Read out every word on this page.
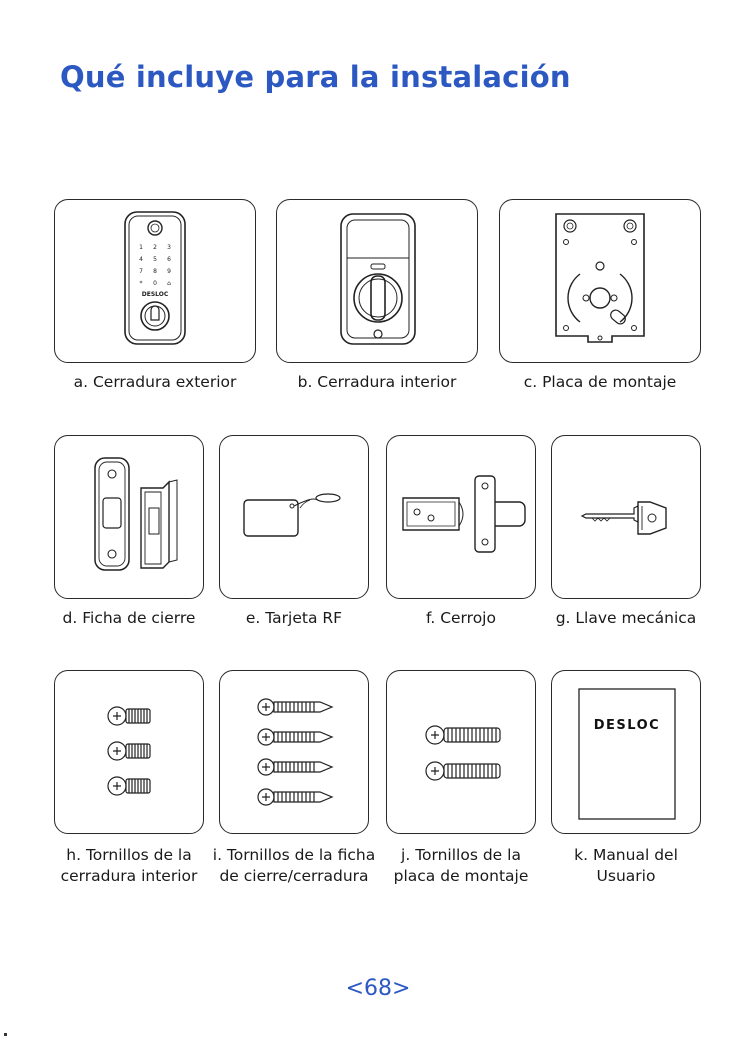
Qué incluye para la instalación
1 2 3
4 5 6
7 8 9
* 0 ⌂
DESLOC
a. Cerradura exterior	b. Cerradura interior	c. Placa de montaje
d. Ficha de cierre	e. Tarjeta RF	f. Cerrojo	g. Llave mecánica
h. Tornillos de la
cerradura interior
i. Tornillos de la ficha
de cierre/cerradura
j. Tornillos de la
placa de montaje
DESLOC
k. Manual del
Usuario
<68>
